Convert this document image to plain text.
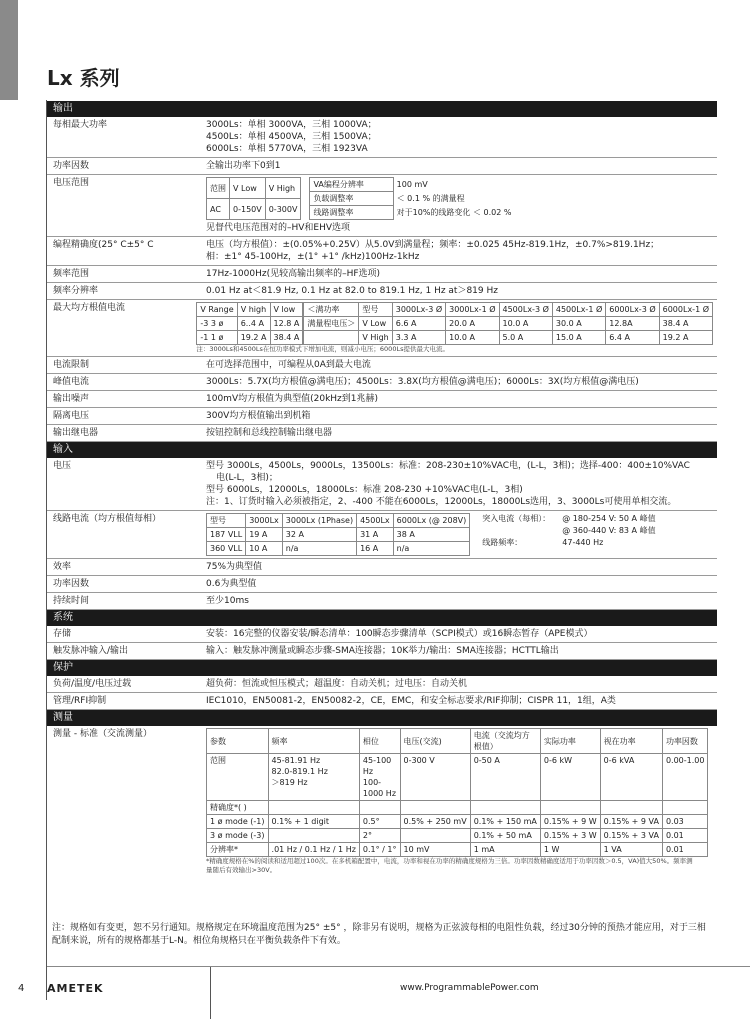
Lx 系列
输出
每相最大功率	3000Ls：单相 3000VA，三相 1000VA；
4500Ls：单相 4500VA，三相 1500VA；
6000Ls：单相 5770VA，三相 1923VA
功率因数	全输出功率下0到1
电压范围	范围	V Low	V High
AC	0-150V	0-300V
VA编程分辨率	100 mV
负载调整率	＜ 0.1 % 的满量程
线路调整率	对于10%的线路变化 ＜ 0.02 %
见督代电压范围对的–HV和EHV选项
编程精确度(25° C±5° C	电压（均方根值）：±(0.05%+0.25V）从5.0V到满量程；频率：±0.025 45Hz-819.1Hz，±0.7%>819.1Hz；
相：±1° 45-100Hz，±(1° +1° /kHz)100Hz-1kHz
频率范围	17Hz-1000Hz(见较高输出频率的–HF选项)
频率分辨率	0.01 Hz at＜81.9 Hz, 0.1 Hz at 82.0 to 819.1 Hz, 1 Hz at＞819 Hz
最大均方根值电流	V Range	V high	V low
-3 3 ø	6..4 A	12.8 A
-1 1 ø	19.2 A	38.4 A
＜满功率	型号	3000Lx-3 Ø	3000Lx-1 Ø	4500Lx-3 Ø	4500Lx-1 Ø	6000Lx-3 Ø	6000Lx-1 Ø
满量程电压＞	V Low	6.6 A	20.0 A	10.0 A	30.0 A	12.8A	38.4 A
	V High	3.3 A	10.0 A	5.0 A	15.0 A	6.4 A	19.2 A
注：3000Ls和4500Ls在恒功率模式下增加电流，则减小电压；6000Ls提供最大电流。
电流限制	在可选择范围中，可编程从0A到最大电流
峰值电流	3000Ls：5.7X(均方根值@满电压)；4500Ls：3.8X(均方根值@满电压)；6000Ls：3X(均方根值@满电压)
输出噪声	100mV均方根值为典型值(20kHz到1兆赫)
隔离电压	300V均方根值输出到机箱
输出继电器	按钮控制和总线控制输出继电器
输入
电压	型号 3000Ls，4500Ls，9000Ls，13500Ls：标准：208-230±10%VAC电，(L-L，3相)；选择-400：400±10%VAC
电(L-L，3相)；
型号 6000Ls，12000Ls，18000Ls：标准 208-230 +10%VAC电(L-L，3相)
注：1、订货时输入必须被指定，2、-400 不能在6000Ls，12000Ls，18000Ls选用，3、3000Ls可使用单相交流。
线路电流（均方根值每相）	型号	3000Lx	3000Lx (1Phase)	4500Lx	6000Lx (@ 208V)
187 VLL	19 A	32 A	31 A	38 A
360 VLL	10 A	n/a	16 A	n/a
突入电流（每相）： @ 180-254 V: 50 A 峰值
@ 360-440 V: 83 A 峰值
线路频率：	47-440 Hz
效率	75%为典型值
功率因数	0.6为典型值
持续时间	至少10ms
系统
存储	安装：16完整的仪器安装/瞬态清单：100瞬态步骤清单（SCPI模式）或16瞬态暂存（APE模式）
触发脉冲输入/输出	输入：触发脉冲测量或瞬态步骤-SMA连接器；10K举力/输出：SMA连接器；HCTTL输出
保护
负荷/温度/电压过载	超负荷：恒流或恒压模式；超温度：自动关机；过电压：自动关机
管理/RFI抑制	IEC1010，EN50081-2，EN50082-2，CE，EMC，和安全标志要求/RIF抑制；CISPR 11，1组，A类
测量
测量 - 标准（交流测量）
参数	频率	相位	电压(交流)	电流（交流均方根值）	实际功率	视在功率	功率因数
范围	45-81.91 Hz
82.0-819.1 Hz
＞819 Hz	45-100 Hz
100-1000 Hz	0-300 V	0-50 A	0-6 kW	0-6 kVA	0.00-1.00
精确度*( )							
1 ø mode (-1)	0.1% + 1 digit	0.5°	0.5% + 250 mV	0.1% + 150 mA	0.15% + 9 W	0.15% + 9 VA	0.03
3 ø mode (-3)		2°		0.1% + 50 mA	0.15% + 3 W	0.15% + 3 VA	0.01
分辨率*	.01 Hz / 0.1 Hz / 1 Hz	0.1° / 1°	10 mV	1 mA	1 W	1 VA	0.01
*精确度规格在%的阅读和适用超过100次。在多机箱配置中，电流，功率和视在功率的精确度规格为三倍。功率因数精确度适用于功率因数＞0.5，VA)值大50%。频率测量随后有效输出>30V。
注：规格如有变更，恕不另行通知。规格规定在环境温度范围为25° ±5° ，除非另有说明，规格为正弦波每相的电阻性负载，经过30分钟的预热才能应用，对于三相配制来说，所有的规格都基于L-N。相位角规格只在平衡负载条件下有效。
4 AMETEK	www.ProgrammablePower.com
